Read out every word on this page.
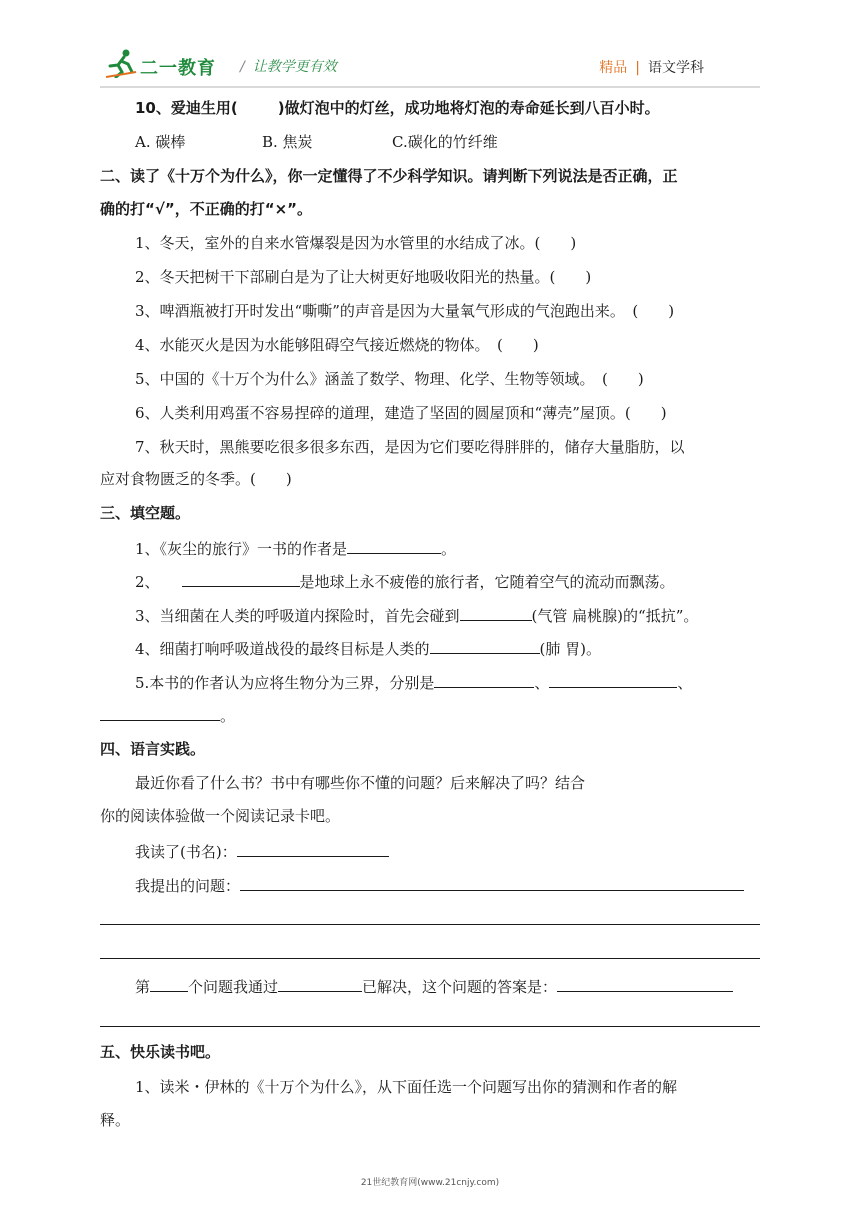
二一教育 / 让教学更有效	精品 | 语文学科
10、爱迪生用(	)做灯泡中的灯丝，成功地将灯泡的寿命延长到八百小时。
A. 碳棒	B. 焦炭	C.碳化的竹纤维
二、读了《十万个为什么》，你一定懂得了不少科学知识。请判断下列说法是否正确，正
确的打“√”，不正确的打“×”。
1、冬天，室外的自来水管爆裂是因为水管里的水结成了冰。(　　)
2、冬天把树干下部刷白是为了让大树更好地吸收阳光的热量。(　　)
3、啤酒瓶被打开时发出“嘶嘶”的声音是因为大量氧气形成的气泡跑出来。　(　　)
4、水能灭火是因为水能够阻碍空气接近燃烧的物体。　(　　)
5、中国的《十万个为什么》涵盖了数学、物理、化学、生物等领域。　(　　)
6、人类利用鸡蛋不容易捏碎的道理，建造了坚固的圆屋顶和“薄壳”屋顶。(　　)
7、秋天时，黑熊要吃很多很多东西，是因为它们要吃得胖胖的，储存大量脂肪，以
应对食物匮乏的冬季。(　　)
三、填空题。
1、《灰尘的旅行》一书的作者是	。
2、	是地球上永不疲倦的旅行者，它随着空气的流动而飘荡。
3、当细菌在人类的呼吸道内探险时，首先会碰到	(气管 扁桃腺)的“抵抗”。
4、细菌打响呼吸道战役的最终目标是人类的	(肺 胃)。
5.本书的作者认为应将生物分为三界，分别是	、	、
。
四、语言实践。
最近你看了什么书？书中有哪些你不懂的问题？后来解决了吗？结合
你的阅读体验做一个阅读记录卡吧。
我读了(书名)：
我提出的问题：
第	个问题我通过	已解决，这个问题的答案是：
五、快乐读书吧。
1、读米・伊林的《十万个为什么》，从下面任选一个问题写出你的猜测和作者的解
释。
21世纪教育网(www.21cnjy.com)
